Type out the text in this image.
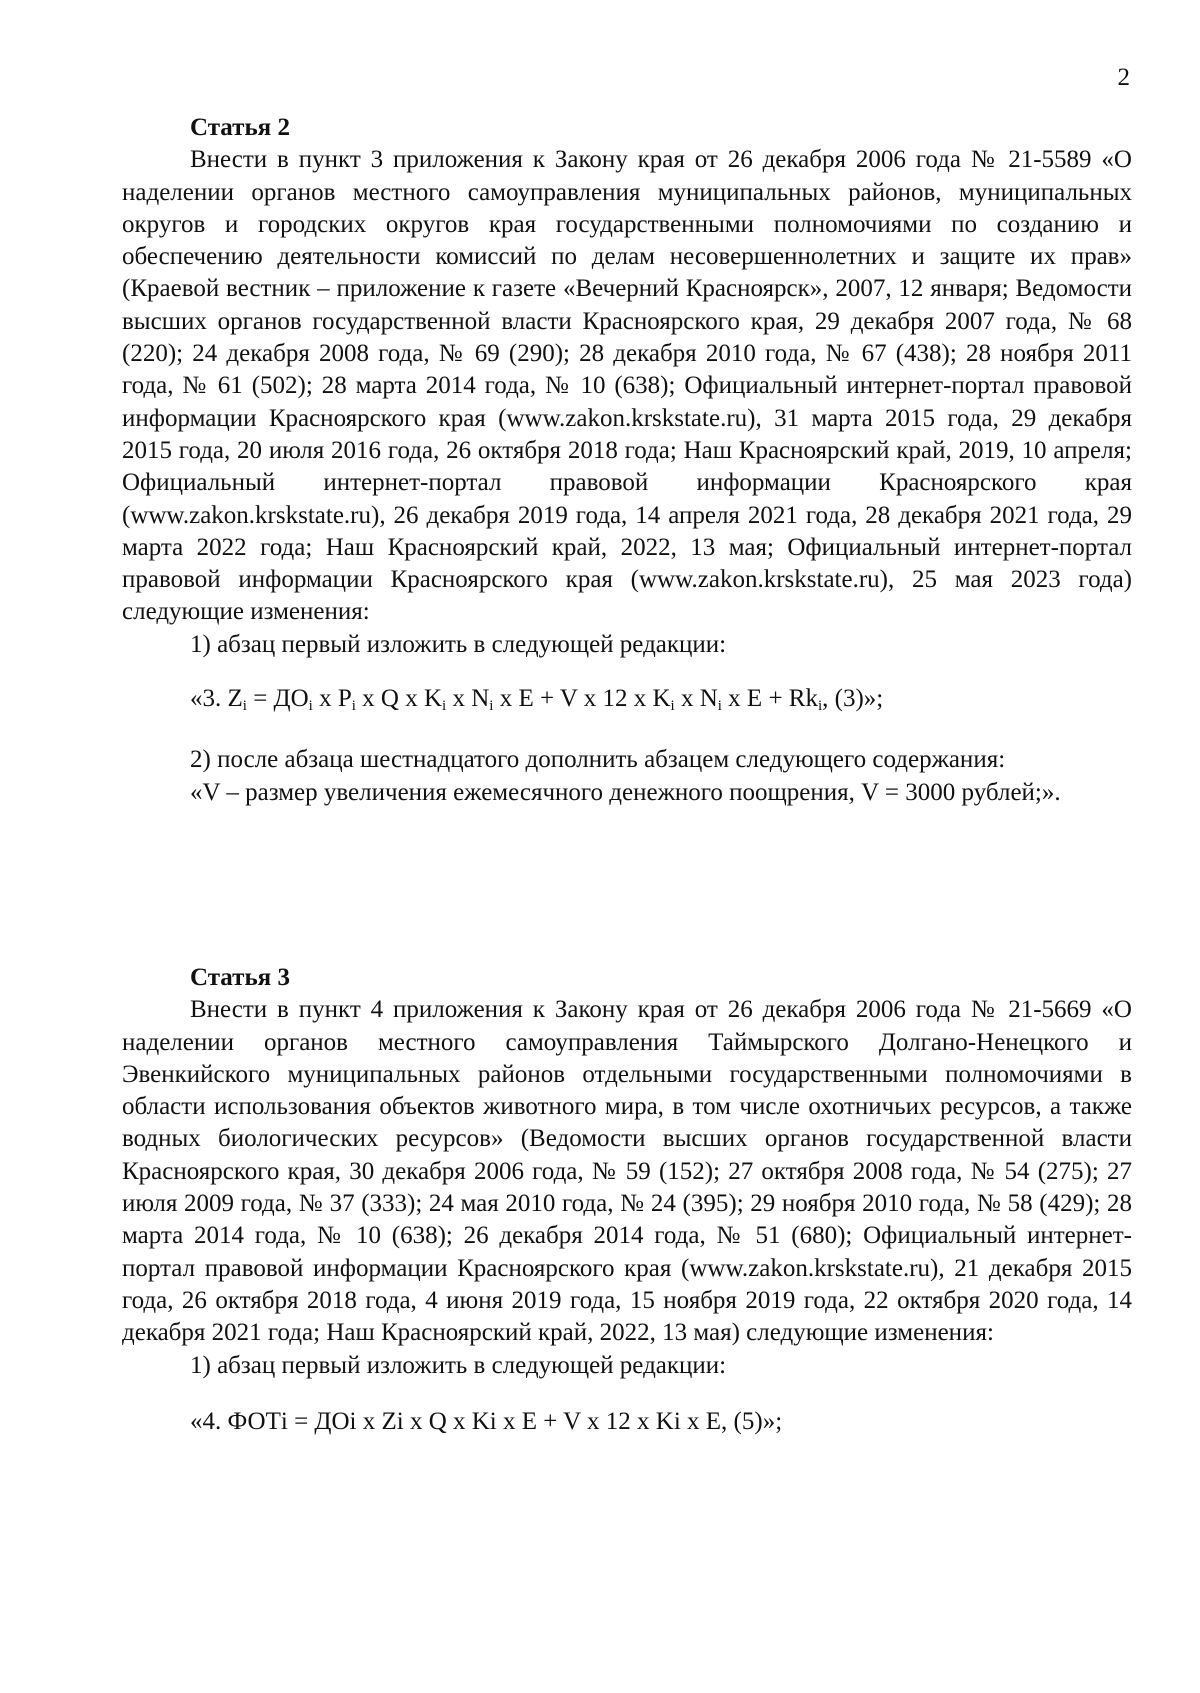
2

Статья 2

Внести в пункт 3 приложения к Закону края от 26 декабря 2006 года № 21-5589 «О наделении органов местного самоуправления муниципальных районов, муниципальных округов и городских округов края государственными полномочиями по созданию и обеспечению деятельности комиссий по делам несовершеннолетних и защите их прав» (Краевой вестник – приложение к газете «Вечерний Красноярск», 2007, 12 января; Ведомости высших органов государственной власти Красноярского края, 29 декабря 2007 года, № 68 (220); 24 декабря 2008 года, № 69 (290); 28 декабря 2010 года, № 67 (438); 28 ноября 2011 года, № 61 (502); 28 марта 2014 года, № 10 (638); Официальный интернет-портал правовой информации Красноярского края (www.zakon.krskstate.ru), 31 марта 2015 года, 29 декабря 2015 года, 20 июля 2016 года, 26 октября 2018 года; Наш Красноярский край, 2019, 10 апреля; Официальный интернет-портал правовой информации Красноярского края (www.zakon.krskstate.ru), 26 декабря 2019 года, 14 апреля 2021 года, 28 декабря 2021 года, 29 марта 2022 года; Наш Красноярский край, 2022, 13 мая; Официальный интернет-портал правовой информации Красноярского края (www.zakon.krskstate.ru), 25 мая 2023 года) следующие изменения:

1) абзац первый изложить в следующей редакции:

«3. $Z_i = ДО_i$ x $P_i$ x Q x $K_i$ x $N_i$ x E + V x 12 x $K_i$ x $N_i$ x $E + Rk_i$, (3)»;

2) после абзаца шестнадцатого дополнить абзацем следующего содержания:

«V – размер увеличения ежемесячного денежного поощрения, V = 3000 рублей;».

Статья 3

Внести в пункт 4 приложения к Закону края от 26 декабря 2006 года № 21-5669 «О наделении органов местного самоуправления Таймырского Долгано-Ненецкого и Эвенкийского муниципальных районов отдельными государственными полномочиями в области использования объектов животного мира, в том числе охотничьих ресурсов, а также водных биологических ресурсов» (Ведомости высших органов государственной власти Красноярского края, 30 декабря 2006 года, № 59 (152); 27 октября 2008 года, № 54 (275); 27 июля 2009 года, № 37 (333); 24 мая 2010 года, № 24 (395); 29 ноября 2010 года, № 58 (429); 28 марта 2014 года, № 10 (638); 26 декабря 2014 года, № 51 (680); Официальный интернет-портал правовой информации Красноярского края (www.zakon.krskstate.ru), 21 декабря 2015 года, 26 октября 2018 года, 4 июня 2019 года, 15 ноября 2019 года, 22 октября 2020 года, 14 декабря 2021 года; Наш Красноярский край, 2022, 13 мая) следующие изменения:

1) абзац первый изложить в следующей редакции:

«4. ФОТi = ДОi x Zi x Q x Ki x E + V x 12 x Ki x E, (5)»;
